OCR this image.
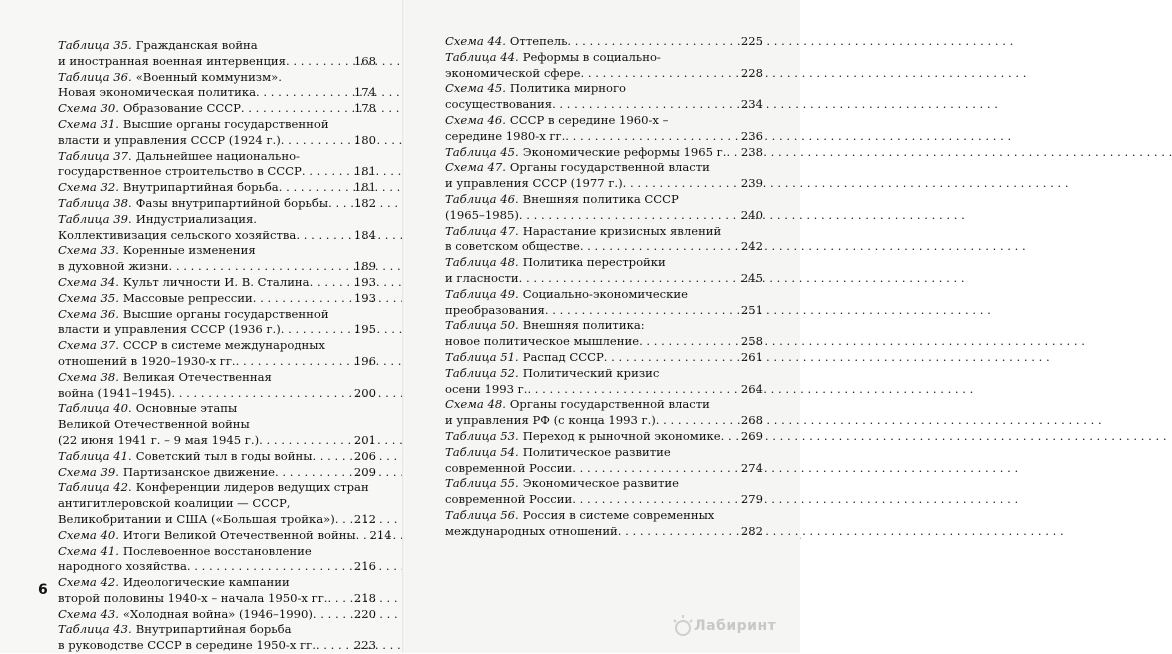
Таблица 35. Гражданская война
и иностранная военная интервенция . . .	168
Таблица 36. «Военный коммунизм».
Новая экономическая политика . . .	174
Схема 30. Образование СССР . . .	178
Схема 31. Высшие органы государственной
власти и управления СССР (1924 г.) . . .	180
Таблица 37. Дальнейшее национально-
государственное строительство в СССР . . .	181
Схема 32. Внутрипартийная борьба . . .	181
Таблица 38. Фазы внутрипартийной борьбы . . . 182
Таблица 39. Индустриализация.
Коллективизация сельского хозяйства . . .	184
Схема 33. Коренные изменения
в духовной жизни . . .	189
Схема 34. Культ личности И. В. Сталина . . .	193
Схема 35. Массовые репрессии . . .	193
Схема 36. Высшие органы государственной
власти и управления СССР (1936 г.) . . .	195
Схема 37. СССР в системе международных
отношений в 1920–1930-х гг. . . .	196
Схема 38. Великая Отечественная
война (1941–1945) . . .	200
Таблица 40. Основные этапы
Великой Отечественной войны
(22 июня 1941 г. – 9 мая 1945 г.) . . .	201
Таблица 41. Советский тыл в годы войны . . .	206
Схема 39. Партизанское движение . . .	209
Таблица 42. Конференции лидеров ведущих стран
антигитлеровской коалиции — СССР,
Великобритании и США («Большая тройка») . . . 212
Схема 40. Итоги Великой Отечественной войны . . . 214
Схема 41. Послевоенное восстановление
народного хозяйства . . .	216
Схема 42. Идеологические кампании
второй половины 1940-х – начала 1950-х гг. . . . 218
Схема 43. «Холодная война» (1946–1990) . . .	220
Таблица 43. Внутрипартийная борьба
в руководстве СССР в середине 1950-х гг. . . .	223
6
Схема 44. Оттепель . . .	225
Таблица 44. Реформы в социально-
экономической сфере . . .	228
Схема 45. Политика мирного
сосуществования . . .	234
Схема 46. СССР в середине 1960-х –
середине 1980-х гг. . . .	236
Таблица 45. Экономические реформы 1965 г. . . . 238
Схема 47. Органы государственной власти
и управления СССР (1977 г.) . . .	239
Таблица 46. Внешняя политика СССР
(1965–1985) . . .	240
Таблица 47. Нарастание кризисных явлений
в советском обществе . . .	242
Таблица 48. Политика перестройки
и гласности . . .	245
Таблица 49. Социально-экономические
преобразования . . .	251
Таблица 50. Внешняя политика:
новое политическое мышление . . .	258
Таблица 51. Распад СССР . . .	261
Таблица 52. Политический кризис
осени 1993 г. . . .	264
Схема 48. Органы государственной власти
и управления РФ (с конца 1993 г.) . . .	268
Таблица 53. Переход к рыночной экономике . . . 269
Таблица 54. Политическое развитие
современной России . . .	274
Таблица 55. Экономическое развитие
современной России . . .	279
Таблица 56. Россия в системе современных
международных отношений . . .	282
Лабиринт
